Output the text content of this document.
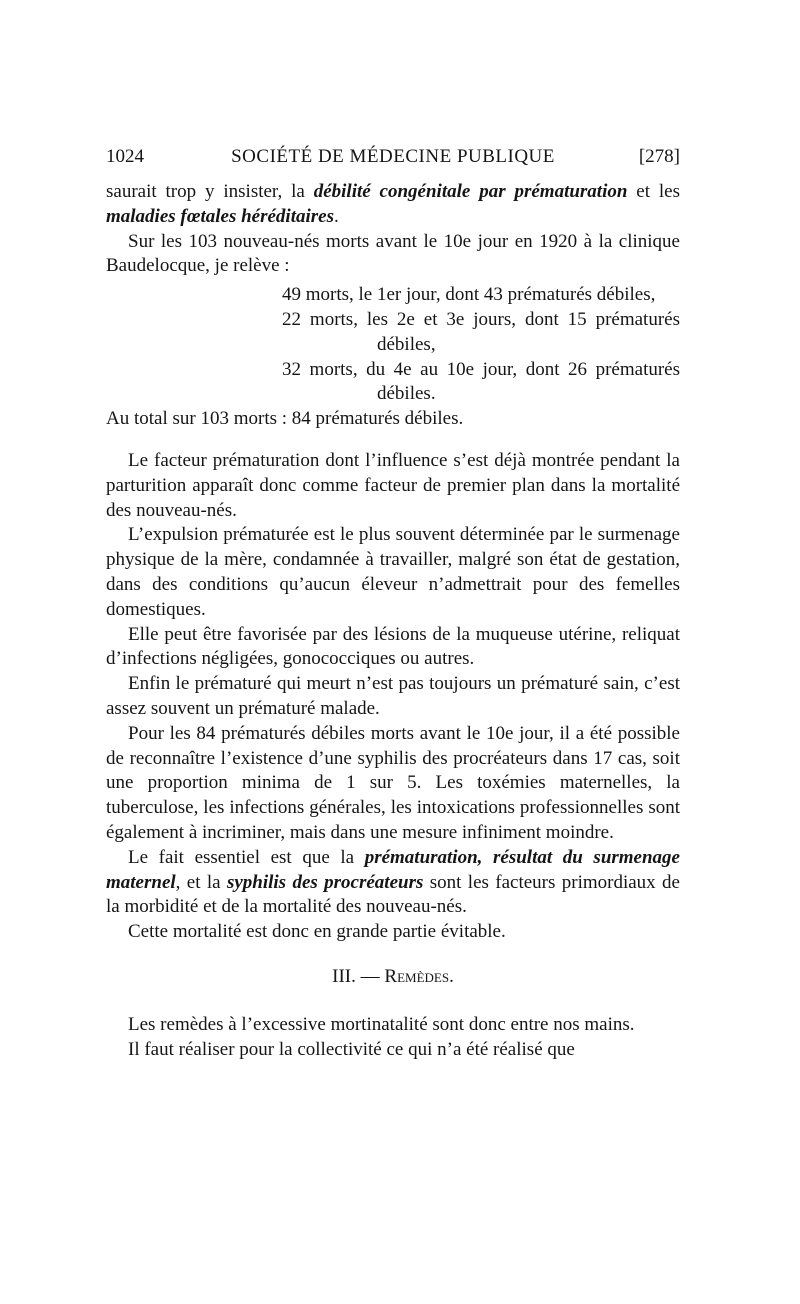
1024	SOCIÉTÉ DE MÉDECINE PUBLIQUE	[278]

saurait trop y insister, la débilité congénitale par prématuration et les maladies fœtales héréditaires.

Sur les 103 nouveau-nés morts avant le 10e jour en 1920 à la clinique Baudelocque, je relève :

49 morts, le 1er jour, dont 43 prématurés débiles,
22 morts, les 2e et 3e jours, dont 15 prématurés débiles,
32 morts, du 4e au 10e jour, dont 26 prématurés débiles.

Au total sur 103 morts : 84 prématurés débiles.

Le facteur prématuration dont l’influence s’est déjà montrée pendant la parturition apparaît donc comme facteur de premier plan dans la mortalité des nouveau-nés.

L’expulsion prématurée est le plus souvent déterminée par le surmenage physique de la mère, condamnée à travailler, malgré son état de gestation, dans des conditions qu’aucun éleveur n’admettrait pour des femelles domestiques.

Elle peut être favorisée par des lésions de la muqueuse utérine, reliquat d’infections négligées, gonococciques ou autres.

Enfin le prématuré qui meurt n’est pas toujours un prématuré sain, c’est assez souvent un prématuré malade.

Pour les 84 prématurés débiles morts avant le 10e jour, il a été possible de reconnaître l’existence d’une syphilis des procréateurs dans 17 cas, soit une proportion minima de 1 sur 5. Les toxémies maternelles, la tuberculose, les infections générales, les intoxications professionnelles sont également à incriminer, mais dans une mesure infiniment moindre.

Le fait essentiel est que la prématuration, résultat du surmenage maternel, et la syphilis des procréateurs sont les facteurs primordiaux de la morbidité et de la mortalité des nouveau-nés.

Cette mortalité est donc en grande partie évitable.

III. — Remèdes.

Les remèdes à l’excessive mortinatalité sont donc entre nos mains.

Il faut réaliser pour la collectivité ce qui n’a été réalisé que
